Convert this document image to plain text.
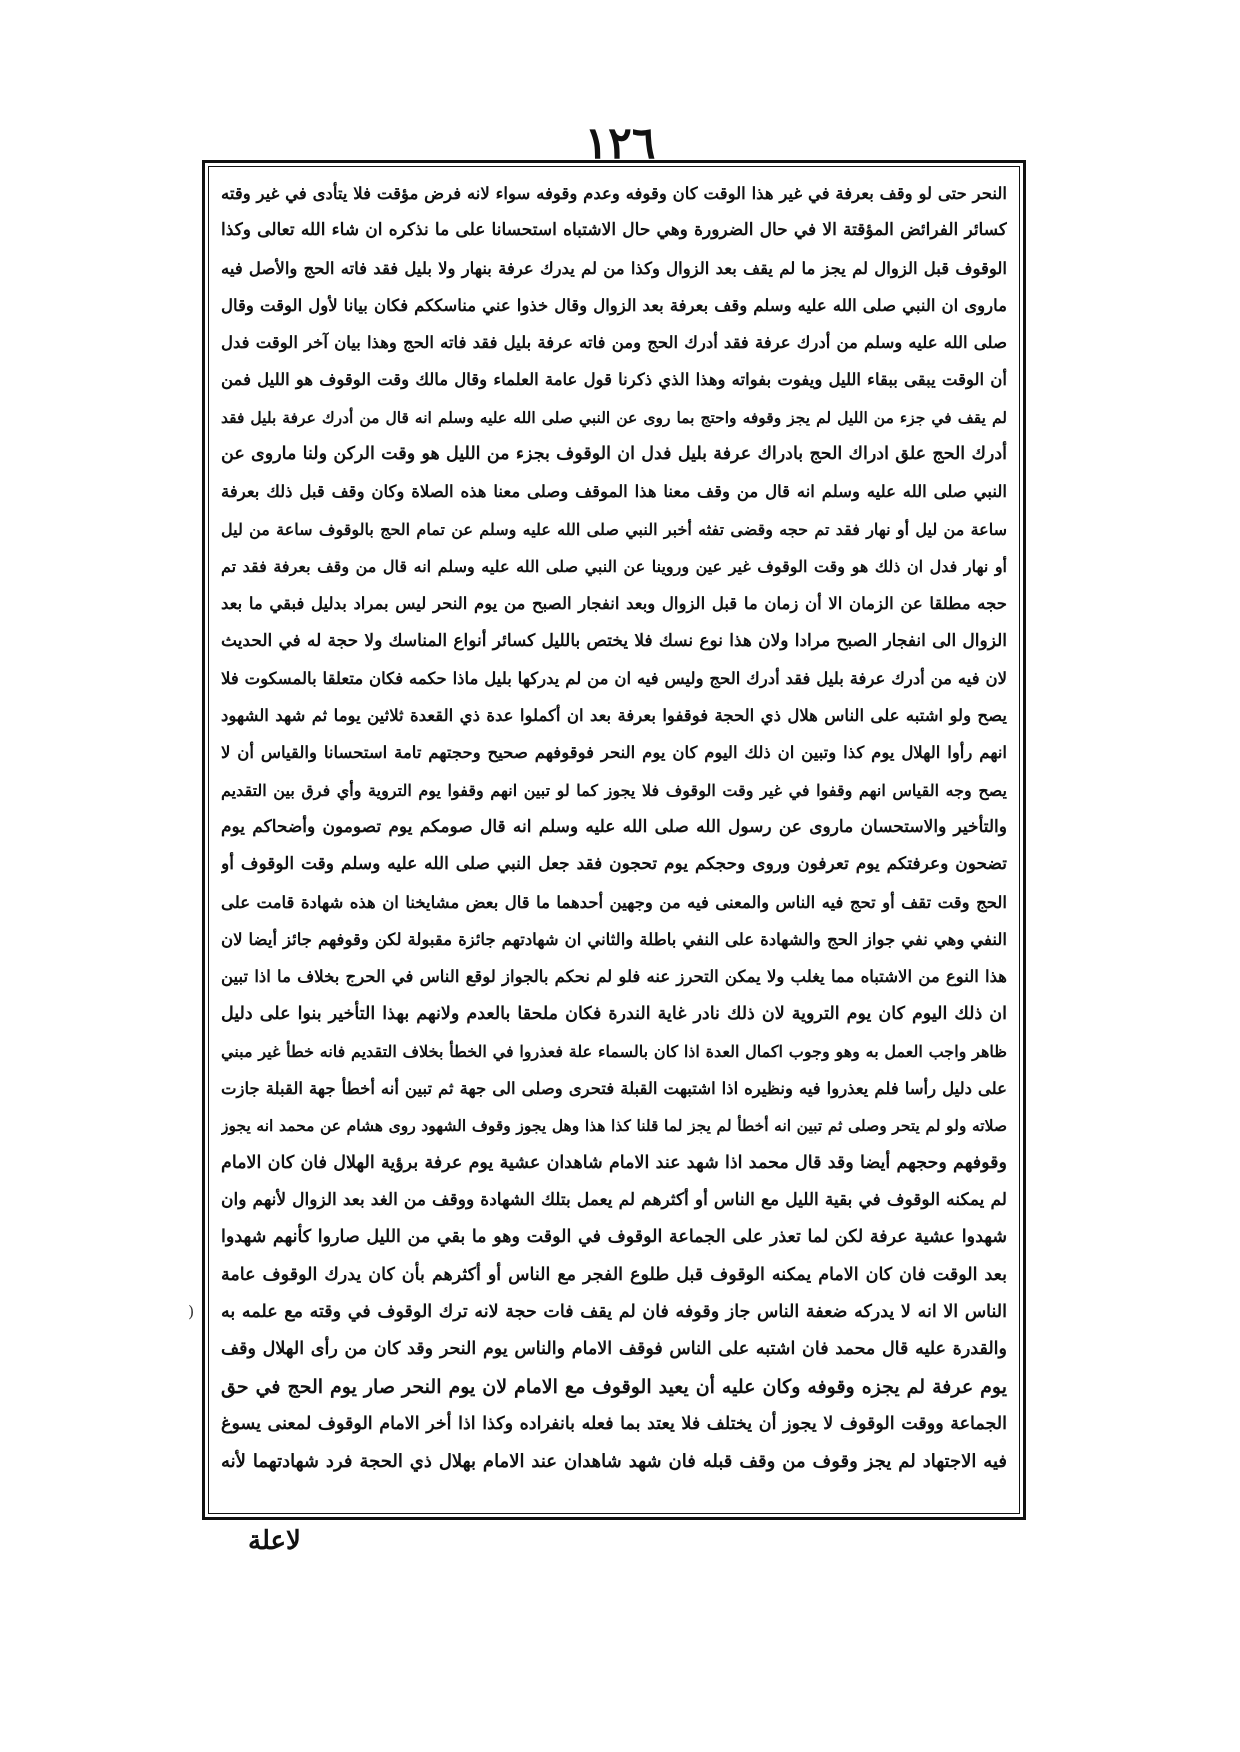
١٢٦
النحر حتى لو وقف بعرفة في غير هذا الوقت كان وقوفه وعدم وقوفه سواء لانه فرض مؤقت فلا يتأدى في غير وقته
كسائر الفرائض المؤقتة الا في حال الضرورة وهي حال الاشتباه استحسانا على ما نذكره ان شاء الله تعالى وكذا
الوقوف قبل الزوال لم يجز ما لم يقف بعد الزوال وكذا من لم يدرك عرفة بنهار ولا بليل فقد فاته الحج والأصل فيه
ماروى ان النبي صلى الله عليه وسلم وقف بعرفة بعد الزوال وقال خذوا عني مناسككم فكان بيانا لأول الوقت وقال
صلى الله عليه وسلم من أدرك عرفة فقد أدرك الحج ومن فاته عرفة بليل فقد فاته الحج وهذا بيان آخر الوقت فدل
أن الوقت يبقى ببقاء الليل ويفوت بفواته وهذا الذي ذكرنا قول عامة العلماء وقال مالك وقت الوقوف هو الليل فمن
لم يقف في جزء من الليل لم يجز وقوفه واحتج بما روى عن النبي صلى الله عليه وسلم انه قال من أدرك عرفة بليل فقد
أدرك الحج علق ادراك الحج بادراك عرفة بليل فدل ان الوقوف بجزء من الليل هو وقت الركن ولنا ماروى عن
النبي صلى الله عليه وسلم انه قال من وقف معنا هذا الموقف وصلى معنا هذه الصلاة وكان وقف قبل ذلك بعرفة
ساعة من ليل أو نهار فقد تم حجه وقضى تفثه أخبر النبي صلى الله عليه وسلم عن تمام الحج بالوقوف ساعة من ليل
أو نهار فدل ان ذلك هو وقت الوقوف غير عين وروينا عن النبي صلى الله عليه وسلم انه قال من وقف بعرفة فقد تم
حجه مطلقا عن الزمان الا أن زمان ما قبل الزوال وبعد انفجار الصبح من يوم النحر ليس بمراد بدليل فبقي ما بعد
الزوال الى انفجار الصبح مرادا ولان هذا نوع نسك فلا يختص بالليل كسائر أنواع المناسك ولا حجة له في الحديث
لان فيه من أدرك عرفة بليل فقد أدرك الحج وليس فيه ان من لم يدركها بليل ماذا حكمه فكان متعلقا بالمسكوت فلا
يصح ولو اشتبه على الناس هلال ذي الحجة فوقفوا بعرفة بعد ان أكملوا عدة ذي القعدة ثلاثين يوما ثم شهد الشهود
انهم رأوا الهلال يوم كذا وتبين ان ذلك اليوم كان يوم النحر فوقوفهم صحيح وحجتهم تامة استحسانا والقياس أن لا
يصح وجه القياس انهم وقفوا في غير وقت الوقوف فلا يجوز كما لو تبين انهم وقفوا يوم التروية وأي فرق بين التقديم
والتأخير والاستحسان ماروى عن رسول الله صلى الله عليه وسلم انه قال صومكم يوم تصومون وأضحاكم يوم
تضحون وعرفتكم يوم تعرفون وروى وحجكم يوم تحجون فقد جعل النبي صلى الله عليه وسلم وقت الوقوف أو
الحج وقت تقف أو تحج فيه الناس والمعنى فيه من وجهين أحدهما ما قال بعض مشايخنا ان هذه شهادة قامت على
النفي وهي نفي جواز الحج والشهادة على النفي باطلة والثاني ان شهادتهم جائزة مقبولة لكن وقوفهم جائز أيضا لان
هذا النوع من الاشتباه مما يغلب ولا يمكن التحرز عنه فلو لم نحكم بالجواز لوقع الناس في الحرج بخلاف ما اذا تبين
ان ذلك اليوم كان يوم التروية لان ذلك نادر غاية الندرة فكان ملحقا بالعدم ولانهم بهذا التأخير بنوا على دليل
ظاهر واجب العمل به وهو وجوب اكمال العدة اذا كان بالسماء علة فعذروا في الخطأ بخلاف التقديم فانه خطأ غير مبني
على دليل رأسا فلم يعذروا فيه ونظيره اذا اشتبهت القبلة فتحرى وصلى الى جهة ثم تبين أنه أخطأ جهة القبلة جازت
صلاته ولو لم يتحر وصلى ثم تبين انه أخطأ لم يجز لما قلنا كذا هذا وهل يجوز وقوف الشهود روى هشام عن محمد انه يجوز
وقوفهم وحجهم أيضا وقد قال محمد اذا شهد عند الامام شاهدان عشية يوم عرفة برؤية الهلال فان كان الامام
لم يمكنه الوقوف في بقية الليل مع الناس أو أكثرهم لم يعمل بتلك الشهادة ووقف من الغد بعد الزوال لأنهم وان
شهدوا عشية عرفة لكن لما تعذر على الجماعة الوقوف في الوقت وهو ما بقي من الليل صاروا كأنهم شهدوا
بعد الوقت فان كان الامام يمكنه الوقوف قبل طلوع الفجر مع الناس أو أكثرهم بأن كان يدرك الوقوف عامة
الناس الا انه لا يدركه ضعفة الناس جاز وقوفه فان لم يقف فات حجة لانه ترك الوقوف في وقته مع علمه به
والقدرة عليه قال محمد فان اشتبه على الناس فوقف الامام والناس يوم النحر وقد كان من رأى الهلال وقف
يوم عرفة لم يجزه وقوفه وكان عليه أن يعيد الوقوف مع الامام لان يوم النحر صار يوم الحج في حق
الجماعة ووقت الوقوف لا يجوز أن يختلف فلا يعتد بما فعله بانفراده وكذا اذا أخر الامام الوقوف لمعنى يسوغ
فيه الاجتهاد لم يجز وقوف من وقف قبله فان شهد شاهدان عند الامام بهلال ذي الحجة فرد شهادتهما لأنه
)
لاعلة
